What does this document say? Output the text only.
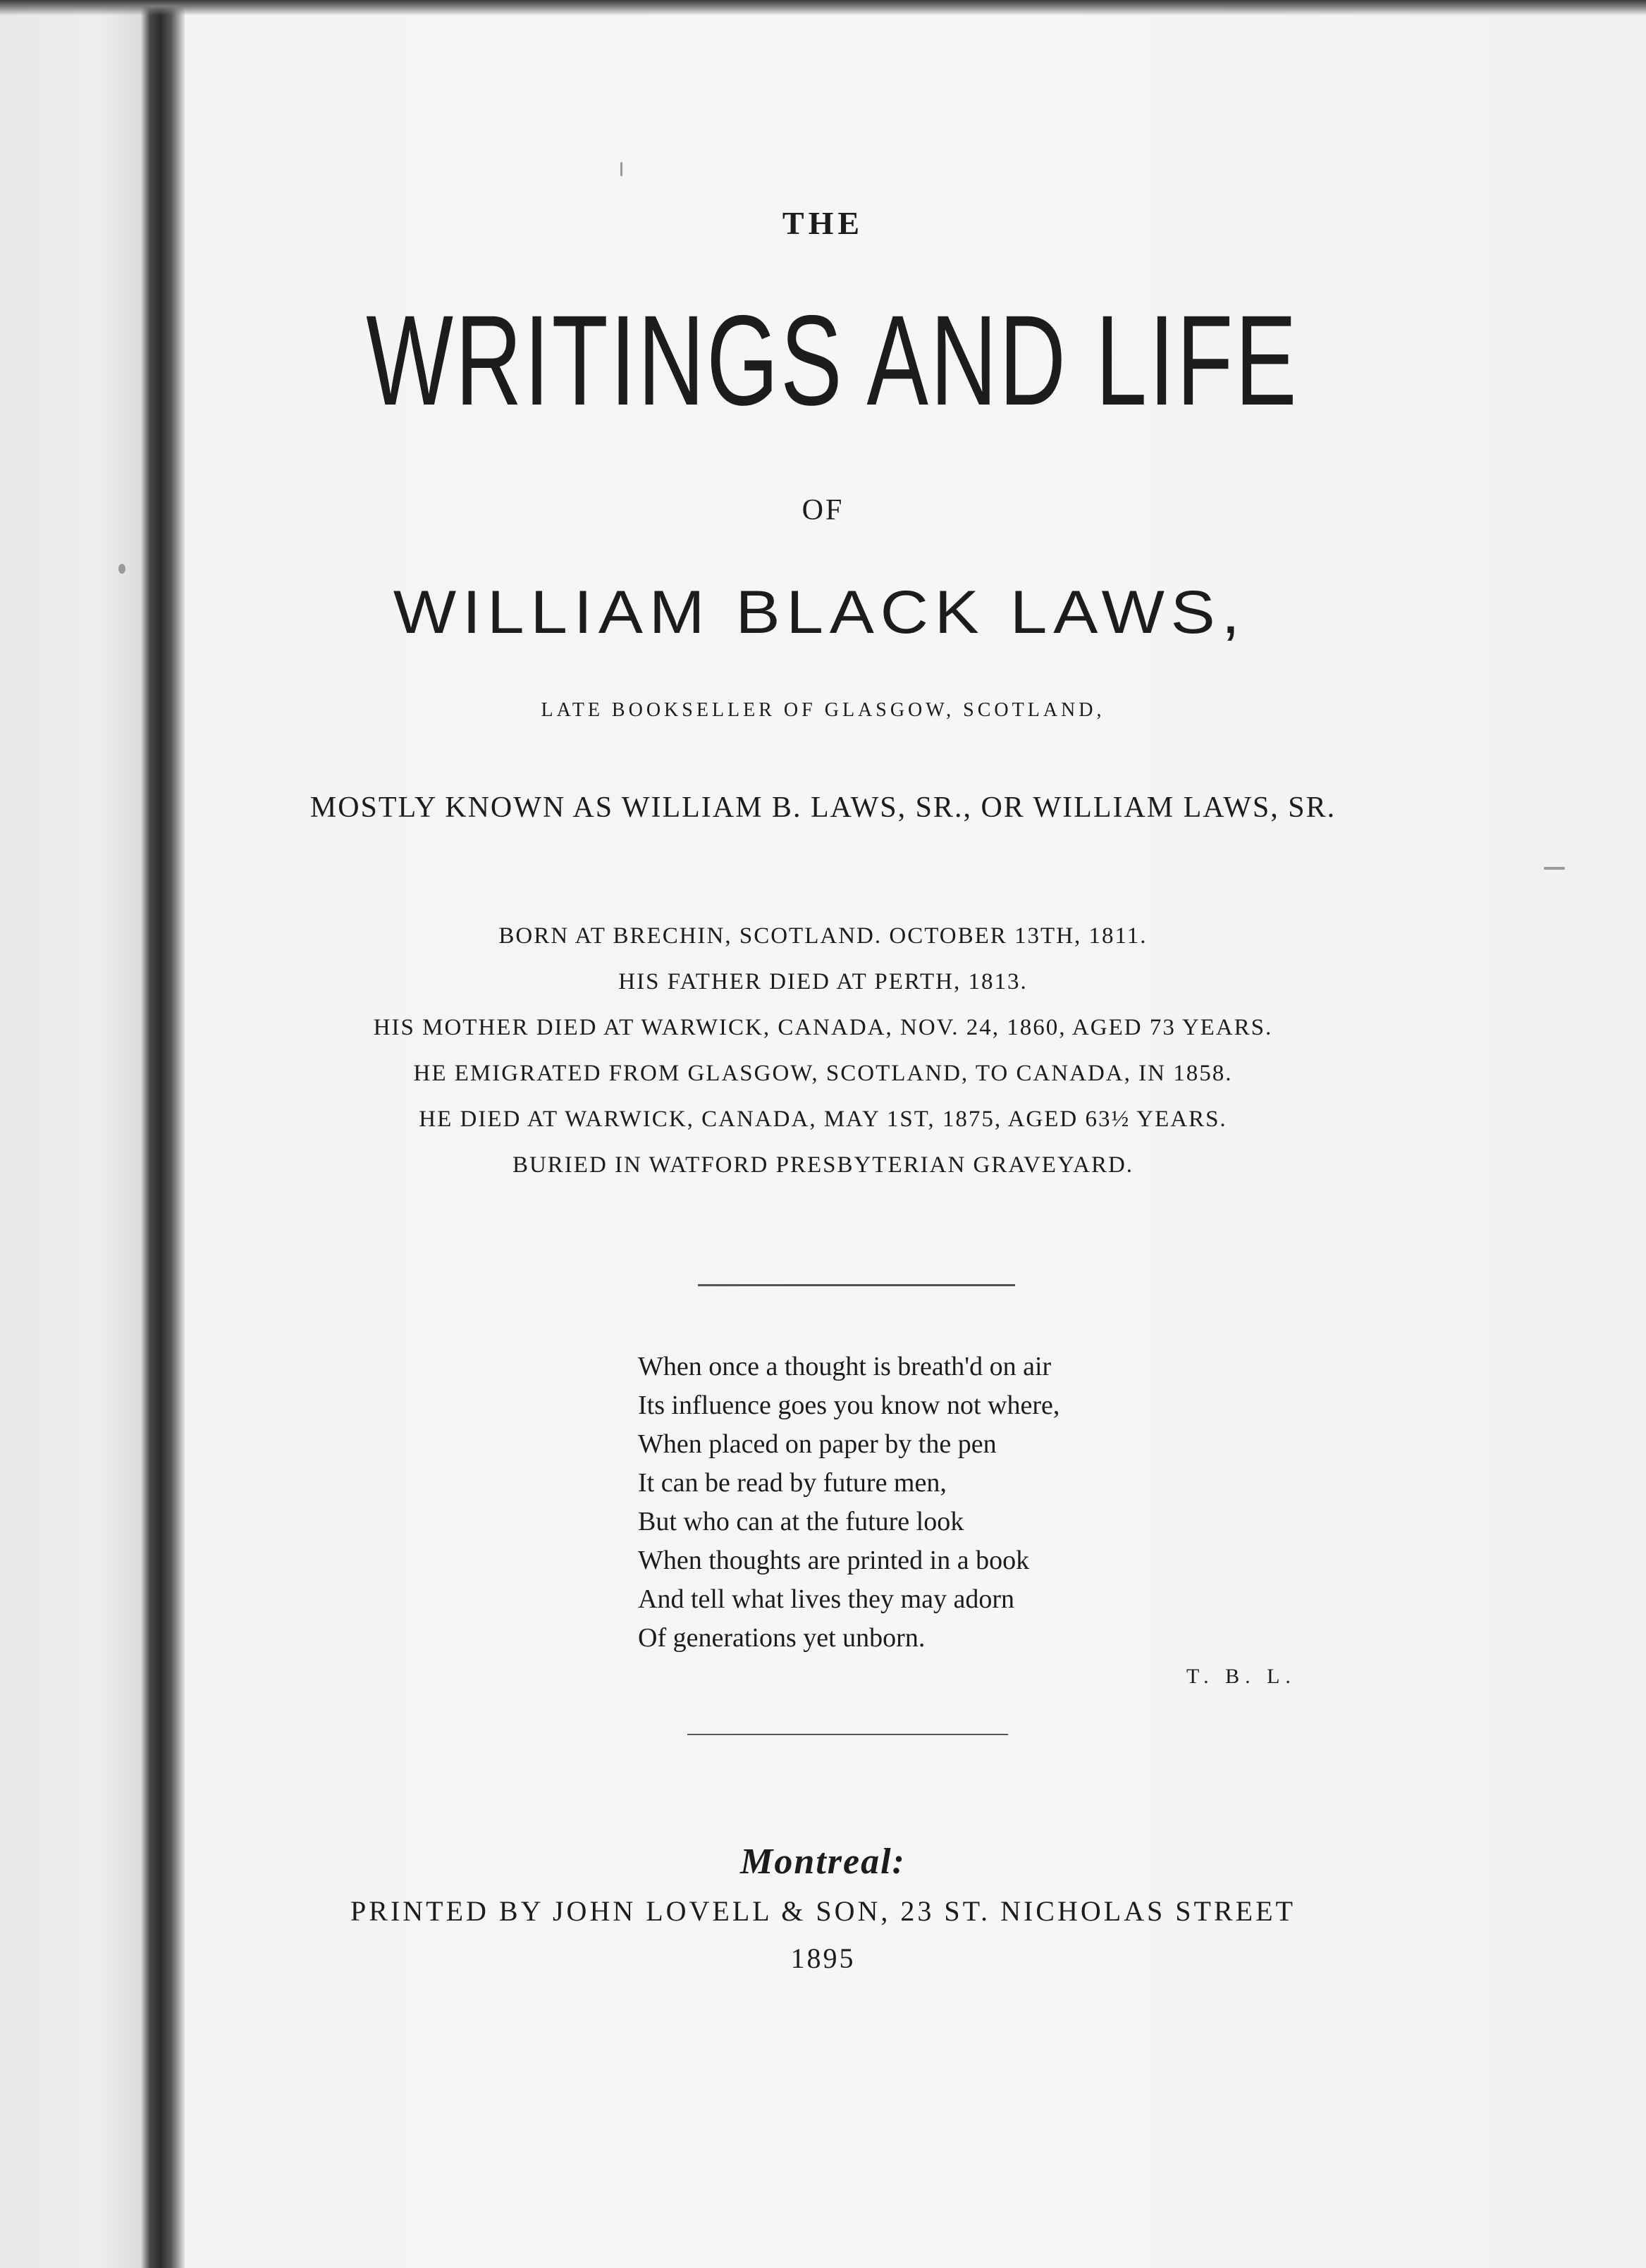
THE
WRITINGS AND LIFE
OF
WILLIAM BLACK LAWS,
LATE BOOKSELLER OF GLASGOW, SCOTLAND,
MOSTLY KNOWN AS WILLIAM B. LAWS, SR., OR WILLIAM LAWS, SR.
BORN AT BRECHIN, SCOTLAND. OCTOBER 13TH, 1811.
HIS FATHER DIED AT PERTH, 1813.
HIS MOTHER DIED AT WARWICK, CANADA, NOV. 24, 1860, AGED 73 YEARS.
HE EMIGRATED FROM GLASGOW, SCOTLAND, TO CANADA, IN 1858.
HE DIED AT WARWICK, CANADA, MAY 1ST, 1875, AGED 63½ YEARS.
BURIED IN WATFORD PRESBYTERIAN GRAVEYARD.
When once a thought is breath'd on air
Its influence goes you know not where,
When placed on paper by the pen
It can be read by future men,
But who can at the future look
When thoughts are printed in a book
And tell what lives they may adorn
Of generations yet unborn.
T. B. L.
Montreal:
PRINTED BY JOHN LOVELL & SON, 23 ST. NICHOLAS STREET
1895
